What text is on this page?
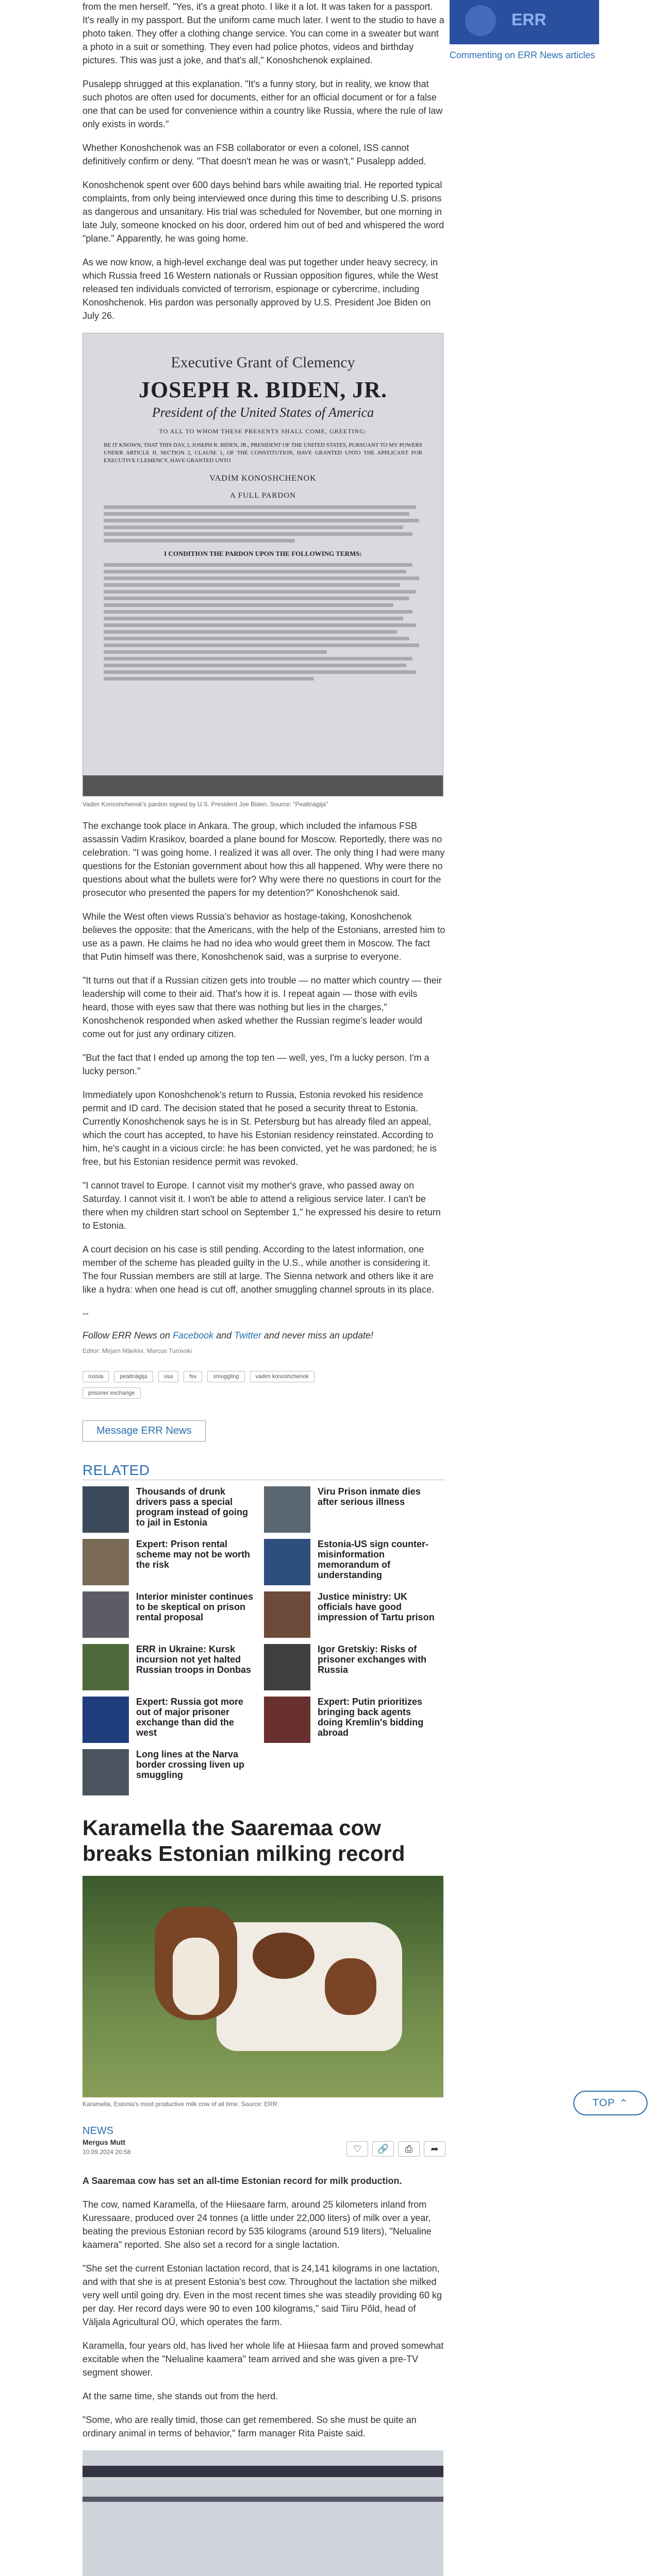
ERR
Commenting on ERR News articles

from the men herself. "Yes, it's a great photo. I like it a lot. It was taken for a passport. It's really in my passport. But the uniform came much later. I went to the studio to have a photo taken. They offer a clothing change service. You can come in a sweater but want a photo in a suit or something. They even had police photos, videos and birthday pictures. This was just a joke, and that's all," Konoshchenok explained.

Pusalepp shrugged at this explanation. "It's a funny story, but in reality, we know that such photos are often used for documents, either for an official document or for a false one that can be used for convenience within a country like Russia, where the rule of law only exists in words."

Whether Konoshchenok was an FSB collaborator or even a colonel, ISS cannot definitively confirm or deny. "That doesn't mean he was or wasn't," Pusalepp added.

Konoshchenok spent over 600 days behind bars while awaiting trial. He reported typical complaints, from only being interviewed once during this time to describing U.S. prisons as dangerous and unsanitary. His trial was scheduled for November, but one morning in late July, someone knocked on his door, ordered him out of bed and whispered the word "plane." Apparently, he was going home.

As we now know, a high-level exchange deal was put together under heavy secrecy, in which Russia freed 16 Western nationals or Russian opposition figures, while the West released ten individuals convicted of terrorism, espionage or cybercrime, including Konoshchenok. His pardon was personally approved by U.S. President Joe Biden on July 26.

Executive Grant of Clemency
JOSEPH R. BIDEN, JR.
President of the United States of America
TO ALL TO WHOM THESE PRESENTS SHALL COME, GREETING:
BE IT KNOWN, THAT THIS DAY, I, JOSEPH R. BIDEN, JR., PRESIDENT OF THE UNITED STATES, PURSUANT TO MY POWERS UNDER ARTICLE II, SECTION 2, CLAUSE 1, OF THE CONSTITUTION, HAVE GRANTED UNTO THE APPLICANT FOR EXECUTIVE CLEMENCY, HAVE GRANTED UNTO
VADIM KONOSHCHENOK
A FULL PARDON
I CONDITION THE PARDON UPON THE FOLLOWING TERMS:
Vadim Konoshchenok's pardon signed by U.S. President Joe Biden. Source: "Pealtnägija"

The exchange took place in Ankara. The group, which included the infamous FSB assassin Vadim Krasikov, boarded a plane bound for Moscow. Reportedly, there was no celebration. "I was going home. I realized it was all over. The only thing I had were many questions for the Estonian government about how this all happened. Why were there no questions about what the bullets were for? Why were there no questions in court for the prosecutor who presented the papers for my detention?" Konoshchenok said.

While the West often views Russia's behavior as hostage-taking, Konoshchenok believes the opposite: that the Americans, with the help of the Estonians, arrested him to use as a pawn. He claims he had no idea who would greet them in Moscow. The fact that Putin himself was there, Konoshchenok said, was a surprise to everyone.

"It turns out that if a Russian citizen gets into trouble — no matter which country — their leadership will come to their aid. That's how it is. I repeat again — those with evils heard, those with eyes saw that there was nothing but lies in the charges," Konoshchenok responded when asked whether the Russian regime's leader would come out for just any ordinary citizen.

"But the fact that I ended up among the top ten — well, yes, I'm a lucky person. I'm a lucky person."

Immediately upon Konoshchenok's return to Russia, Estonia revoked his residence permit and ID card. The decision stated that he posed a security threat to Estonia. Currently Konoshchenok says he is in St. Petersburg but has already filed an appeal, which the court has accepted, to have his Estonian residency reinstated. According to him, he's caught in a vicious circle: he has been convicted, yet he was pardoned; he is free, but his Estonian residence permit was revoked.

"I cannot travel to Europe. I cannot visit my mother's grave, who passed away on Saturday. I cannot visit it. I won't be able to attend a religious service later. I can't be there when my children start school on September 1," he expressed his desire to return to Estonia.

A court decision on his case is still pending. According to the latest information, one member of the scheme has pleaded guilty in the U.S., while another is considering it. The four Russian members are still at large. The Sienna network and others like it are like a hydra: when one head is cut off, another smuggling channel sprouts in its place.

--

Follow ERR News on Facebook and Twitter and never miss an update!
Editor: Mirjam Mäekivi, Marcus Turovski
russia	pealtnägija	usa	fsv	smuggling	vadim konoshchenok
prisoner exchange
Message ERR News
RELATED
Thousands of drunk drivers pass a special program instead of going to jail in Estonia
Viru Prison inmate dies after serious illness
Expert: Prison rental scheme may not be worth the risk
Estonia-US sign counter-misinformation memorandum of understanding
Interior minister continues to be skeptical on prison rental proposal
Justice ministry: UK officials have good impression of Tartu prison
ERR in Ukraine: Kursk incursion not yet halted Russian troops in Donbas
Igor Gretskiy: Risks of prisoner exchanges with Russia
Expert: Russia got more out of major prisoner exchange than did the west
Expert: Putin prioritizes bringing back agents doing Kremlin's bidding abroad
Long lines at the Narva border crossing liven up smuggling
Karamella the Saaremaa cow breaks Estonian milking record
Karamella, Estonia's most productive milk cow of all time. Source: ERR
NEWS
Mergus Mutt
10.09.2024 20:58	♡	🔗	⎙	➦
A Saaremaa cow has set an all-time Estonian record for milk production.

The cow, named Karamella, of the Hiiesaare farm, around 25 kilometers inland from Kuressaare, produced over 24 tonnes (a little under 22,000 liters) of milk over a year, beating the previous Estonian record by 535 kilograms (around 519 liters), "Nelualine kaamera" reported. She also set a record for a single lactation.

"She set the current Estonian lactation record, that is 24,141 kilograms in one lactation, and with that she is at present Estonia's best cow. Throughout the lactation she milked very well until going dry. Even in the most recent times she was steadily providing 60 kg per day. Her record days were 90 to even 100 kilograms," said Tiiru Põld, head of Väljala Agricultural OÜ, which operates the farm.

Karamella, four years old, has lived her whole life at Hiiesaa farm and proved somewhat excitable when the "Nelualine kaamera" team arrived and she was given a pre-TV segment shower.

At the same time, she stands out from the herd.

"Some, who are really timid, those can get remembered. So she must be quite an ordinary animal in terms of behavior," farm manager Rita Paiste said.

TOP ⌃
